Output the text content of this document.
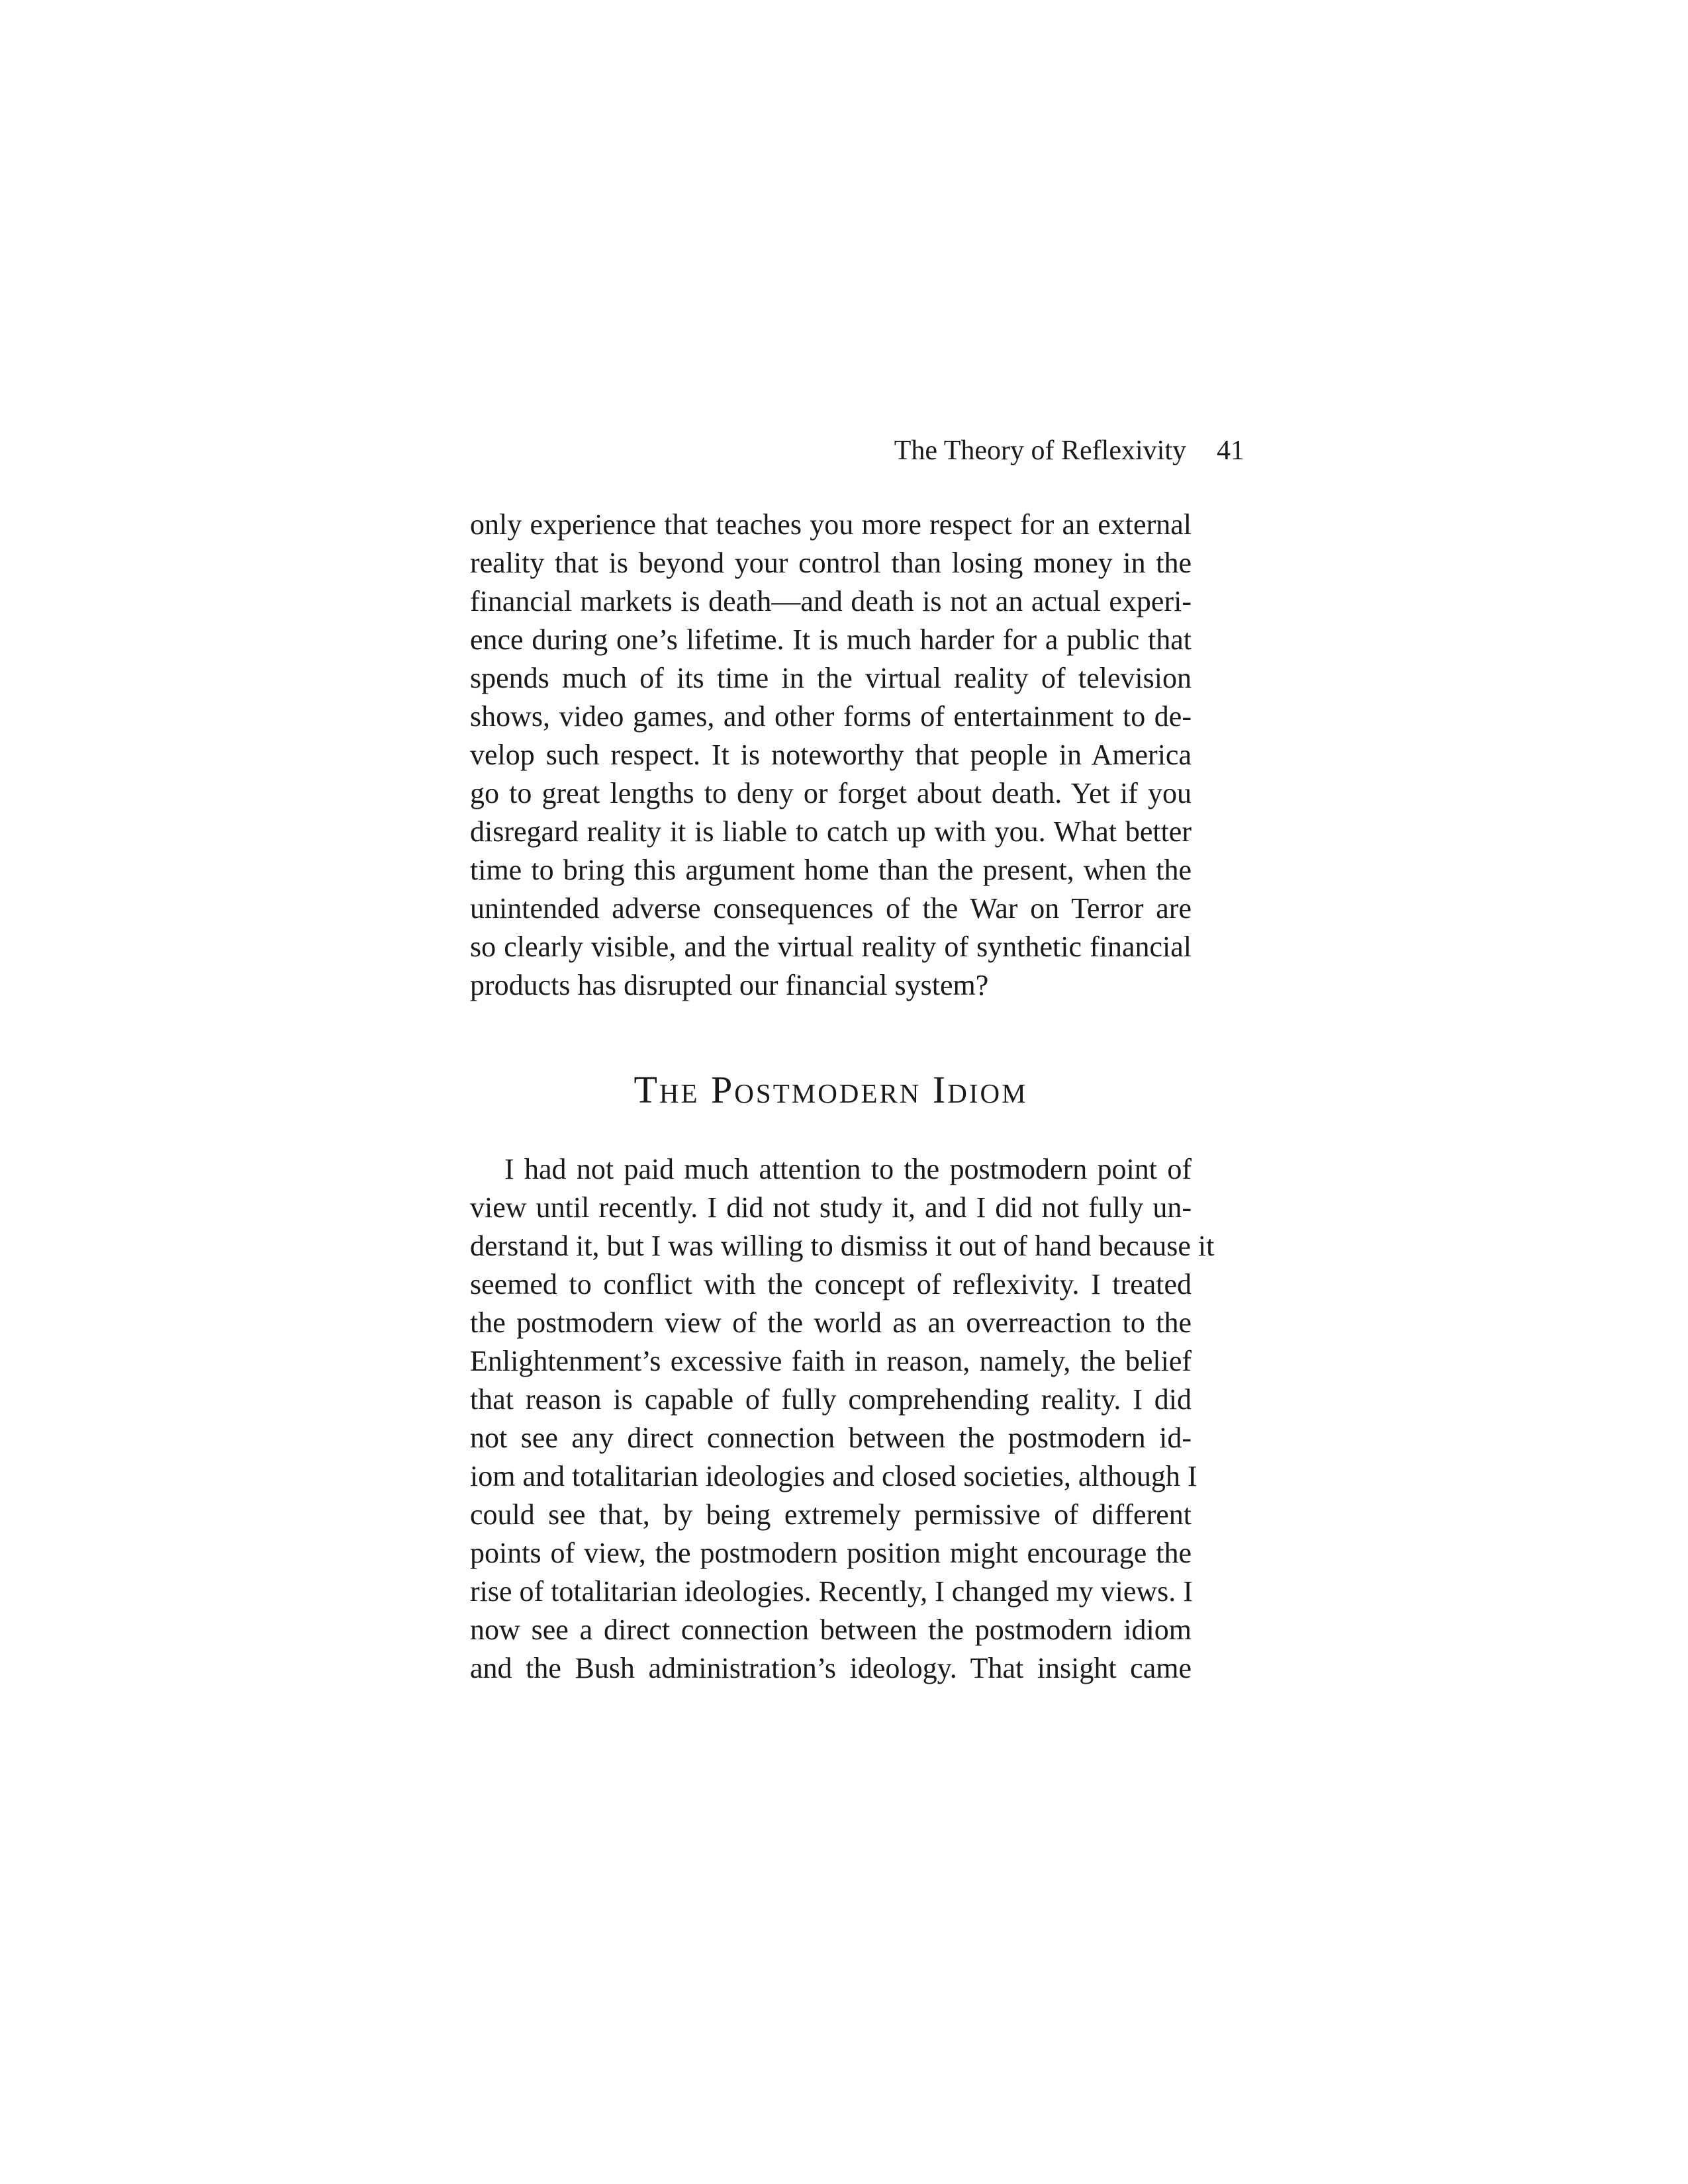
The Theory of Reflexivity 41
only experience that teaches you more respect for an external
reality that is beyond your control than losing money in the
financial markets is death—and death is not an actual experi-
ence during one’s lifetime. It is much harder for a public that
spends much of its time in the virtual reality of television
shows, video games, and other forms of entertainment to de-
velop such respect. It is noteworthy that people in America
go to great lengths to deny or forget about death. Yet if you
disregard reality it is liable to catch up with you. What better
time to bring this argument home than the present, when the
unintended adverse consequences of the War on Terror are
so clearly visible, and the virtual reality of synthetic financial
products has disrupted our financial system?
The Postmodern Idiom
I had not paid much attention to the postmodern point of
view until recently. I did not study it, and I did not fully un-
derstand it, but I was willing to dismiss it out of hand because it
seemed to conflict with the concept of reflexivity. I treated
the postmodern view of the world as an overreaction to the
Enlightenment’s excessive faith in reason, namely, the belief
that reason is capable of fully comprehending reality. I did
not see any direct connection between the postmodern id-
iom and totalitarian ideologies and closed societies, although I
could see that, by being extremely permissive of different
points of view, the postmodern position might encourage the
rise of totalitarian ideologies. Recently, I changed my views. I
now see a direct connection between the postmodern idiom
and the Bush administration’s ideology. That insight came
